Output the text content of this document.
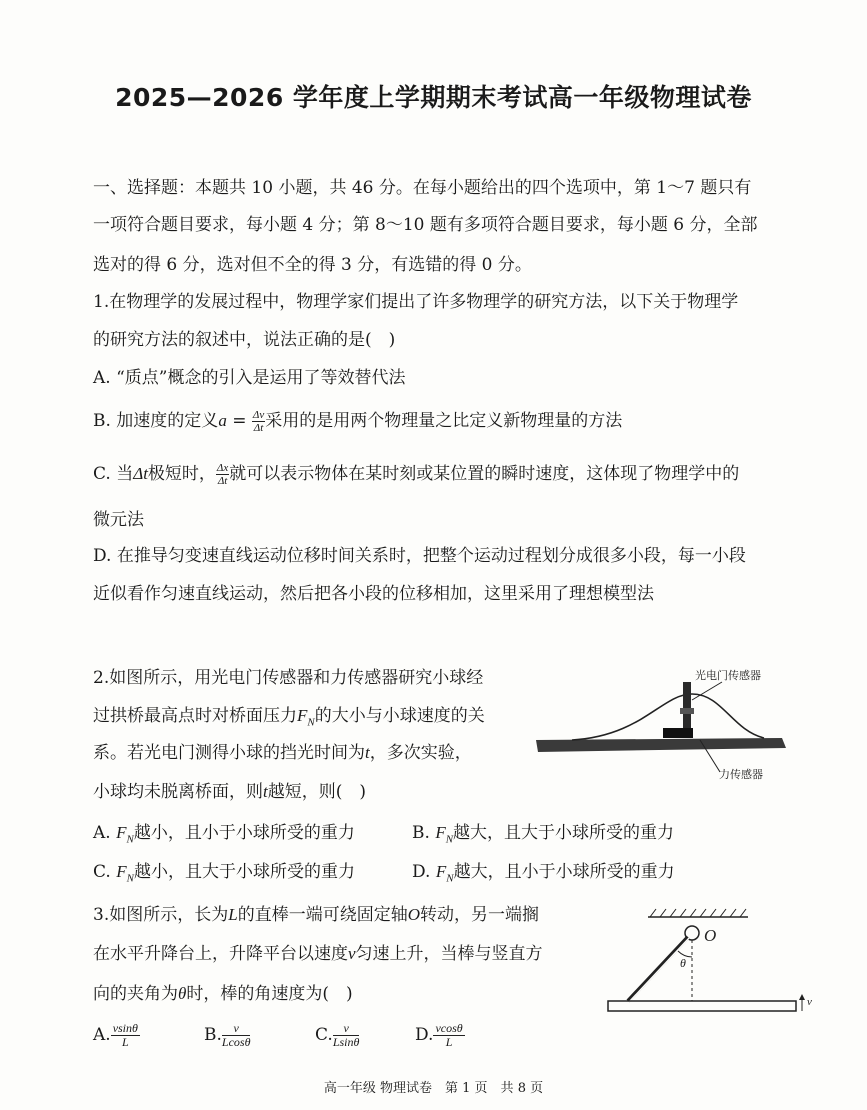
2025—2026 学年度上学期期末考试高一年级物理试卷
一、选择题：本题共 10 小题，共 46 分。在每小题给出的四个选项中，第 1～7 题只有
一项符合题目要求，每小题 4 分；第 8～10 题有多项符合题目要求，每小题 6 分，全部
选对的得 6 分，选对但不全的得 3 分，有选错的得 0 分。
1.在物理学的发展过程中，物理学家们提出了许多物理学的研究方法，以下关于物理学
的研究方法的叙述中，说法正确的是(　)
A. “质点”概念的引入是运用了等效替代法
B. 加速度的定义$a = \frac{\Delta v}{\Delta t}$ 采用的是用两个物理量之比定义新物理量的方法
C. 当Δt极短时， $\frac{\Delta x}{\Delta t}$ 就可以表示物体在某时刻或某位置的瞬时速度，这体现了物理学中的
微元法
D. 在推导匀变速直线运动位移时间关系时，把整个运动过程划分成很多小段，每一小段
近似看作匀速直线运动，然后把各小段的位移相加，这里采用了理想模型法
2.如图所示，用光电门传感器和力传感器研究小球经
过拱桥最高点时对桥面压力$F_N$的大小与小球速度的关
系。若光电门测得小球的挡光时间为t，多次实验，
小球均未脱离桥面，则t越短，则(　)
A. $F_N$越小，且小于小球所受的重力	B. $F_N$越大，且大于小球所受的重力
C. $F_N$越小，且大于小球所受的重力	D. $F_N$越大，且小于小球所受的重力
光电门传感器
力传感器
3.如图所示，长为L的直棒一端可绕固定轴O转动，另一端搁
在水平升降台上，升降平台以速度v匀速上升，当棒与竖直方
向的夹角为θ时，棒的角速度为(　)
A. $\frac{vsin\theta}{L}$	B. $\frac{v}{Lcos\theta}$	C. $\frac{v}{Lsin\theta}$	D. $\frac{vcos\theta}{L}$
O
θ
v
高一年级 物理试卷　第 1 页　共 8 页
